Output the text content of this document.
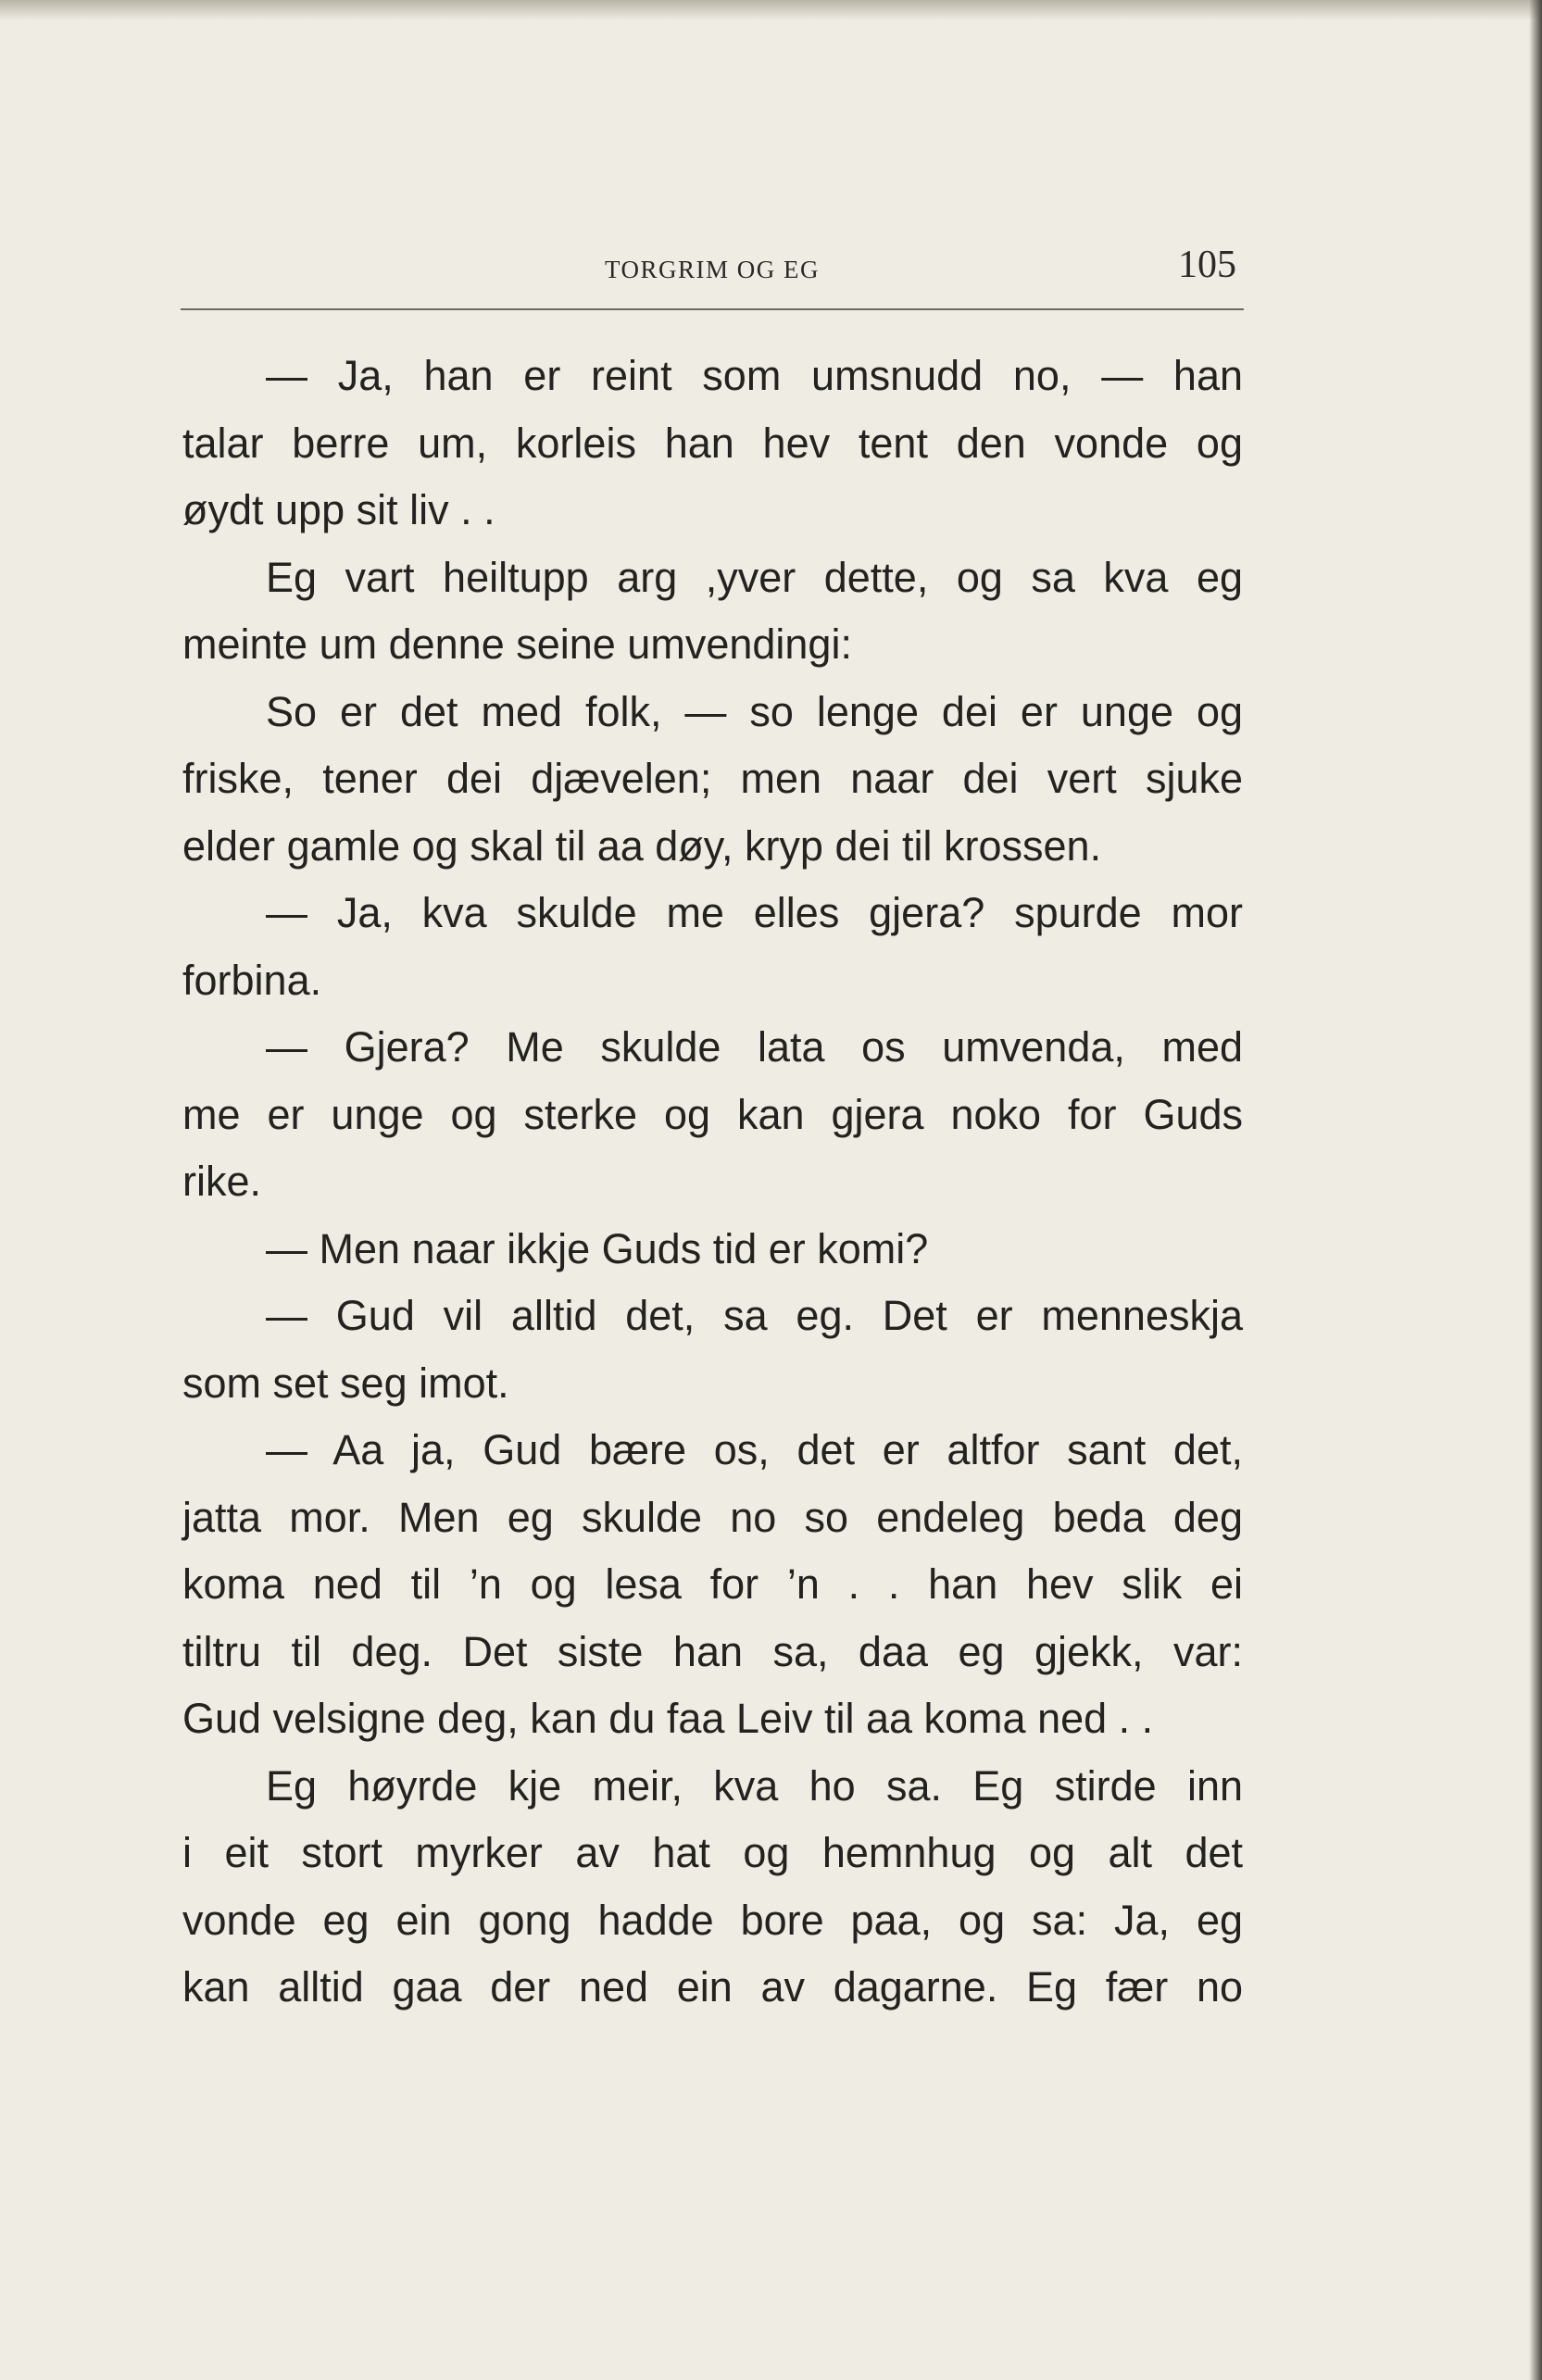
TORGRIM OG EG	105
— Ja, han er reint som umsnudd no, — han
talar berre um, korleis han hev tent den vonde og
øydt upp sit liv . .
Eg vart heiltupp arg ,yver dette, og sa kva eg
meinte um denne seine umvendingi:
So er det med folk, — so lenge dei er unge og
friske, tener dei djævelen; men naar dei vert sjuke
elder gamle og skal til aa døy, kryp dei til krossen.
— Ja, kva skulde me elles gjera? spurde mor
forbina.
— Gjera? Me skulde lata os umvenda, med
me er unge og sterke og kan gjera noko for Guds
rike.
— Men naar ikkje Guds tid er komi?
— Gud vil alltid det, sa eg. Det er menneskja
som set seg imot.
— Aa ja, Gud bære os, det er altfor sant det,
jatta mor. Men eg skulde no so endeleg beda deg
koma ned til ’n og lesa for ’n . . han hev slik ei
tiltru til deg. Det siste han sa, daa eg gjekk, var:
Gud velsigne deg, kan du faa Leiv til aa koma ned . .
Eg høyrde kje meir, kva ho sa. Eg stirde inn
i eit stort myrker av hat og hemnhug og alt det
vonde eg ein gong hadde bore paa, og sa: Ja, eg
kan alltid gaa der ned ein av dagarne. Eg fær no
